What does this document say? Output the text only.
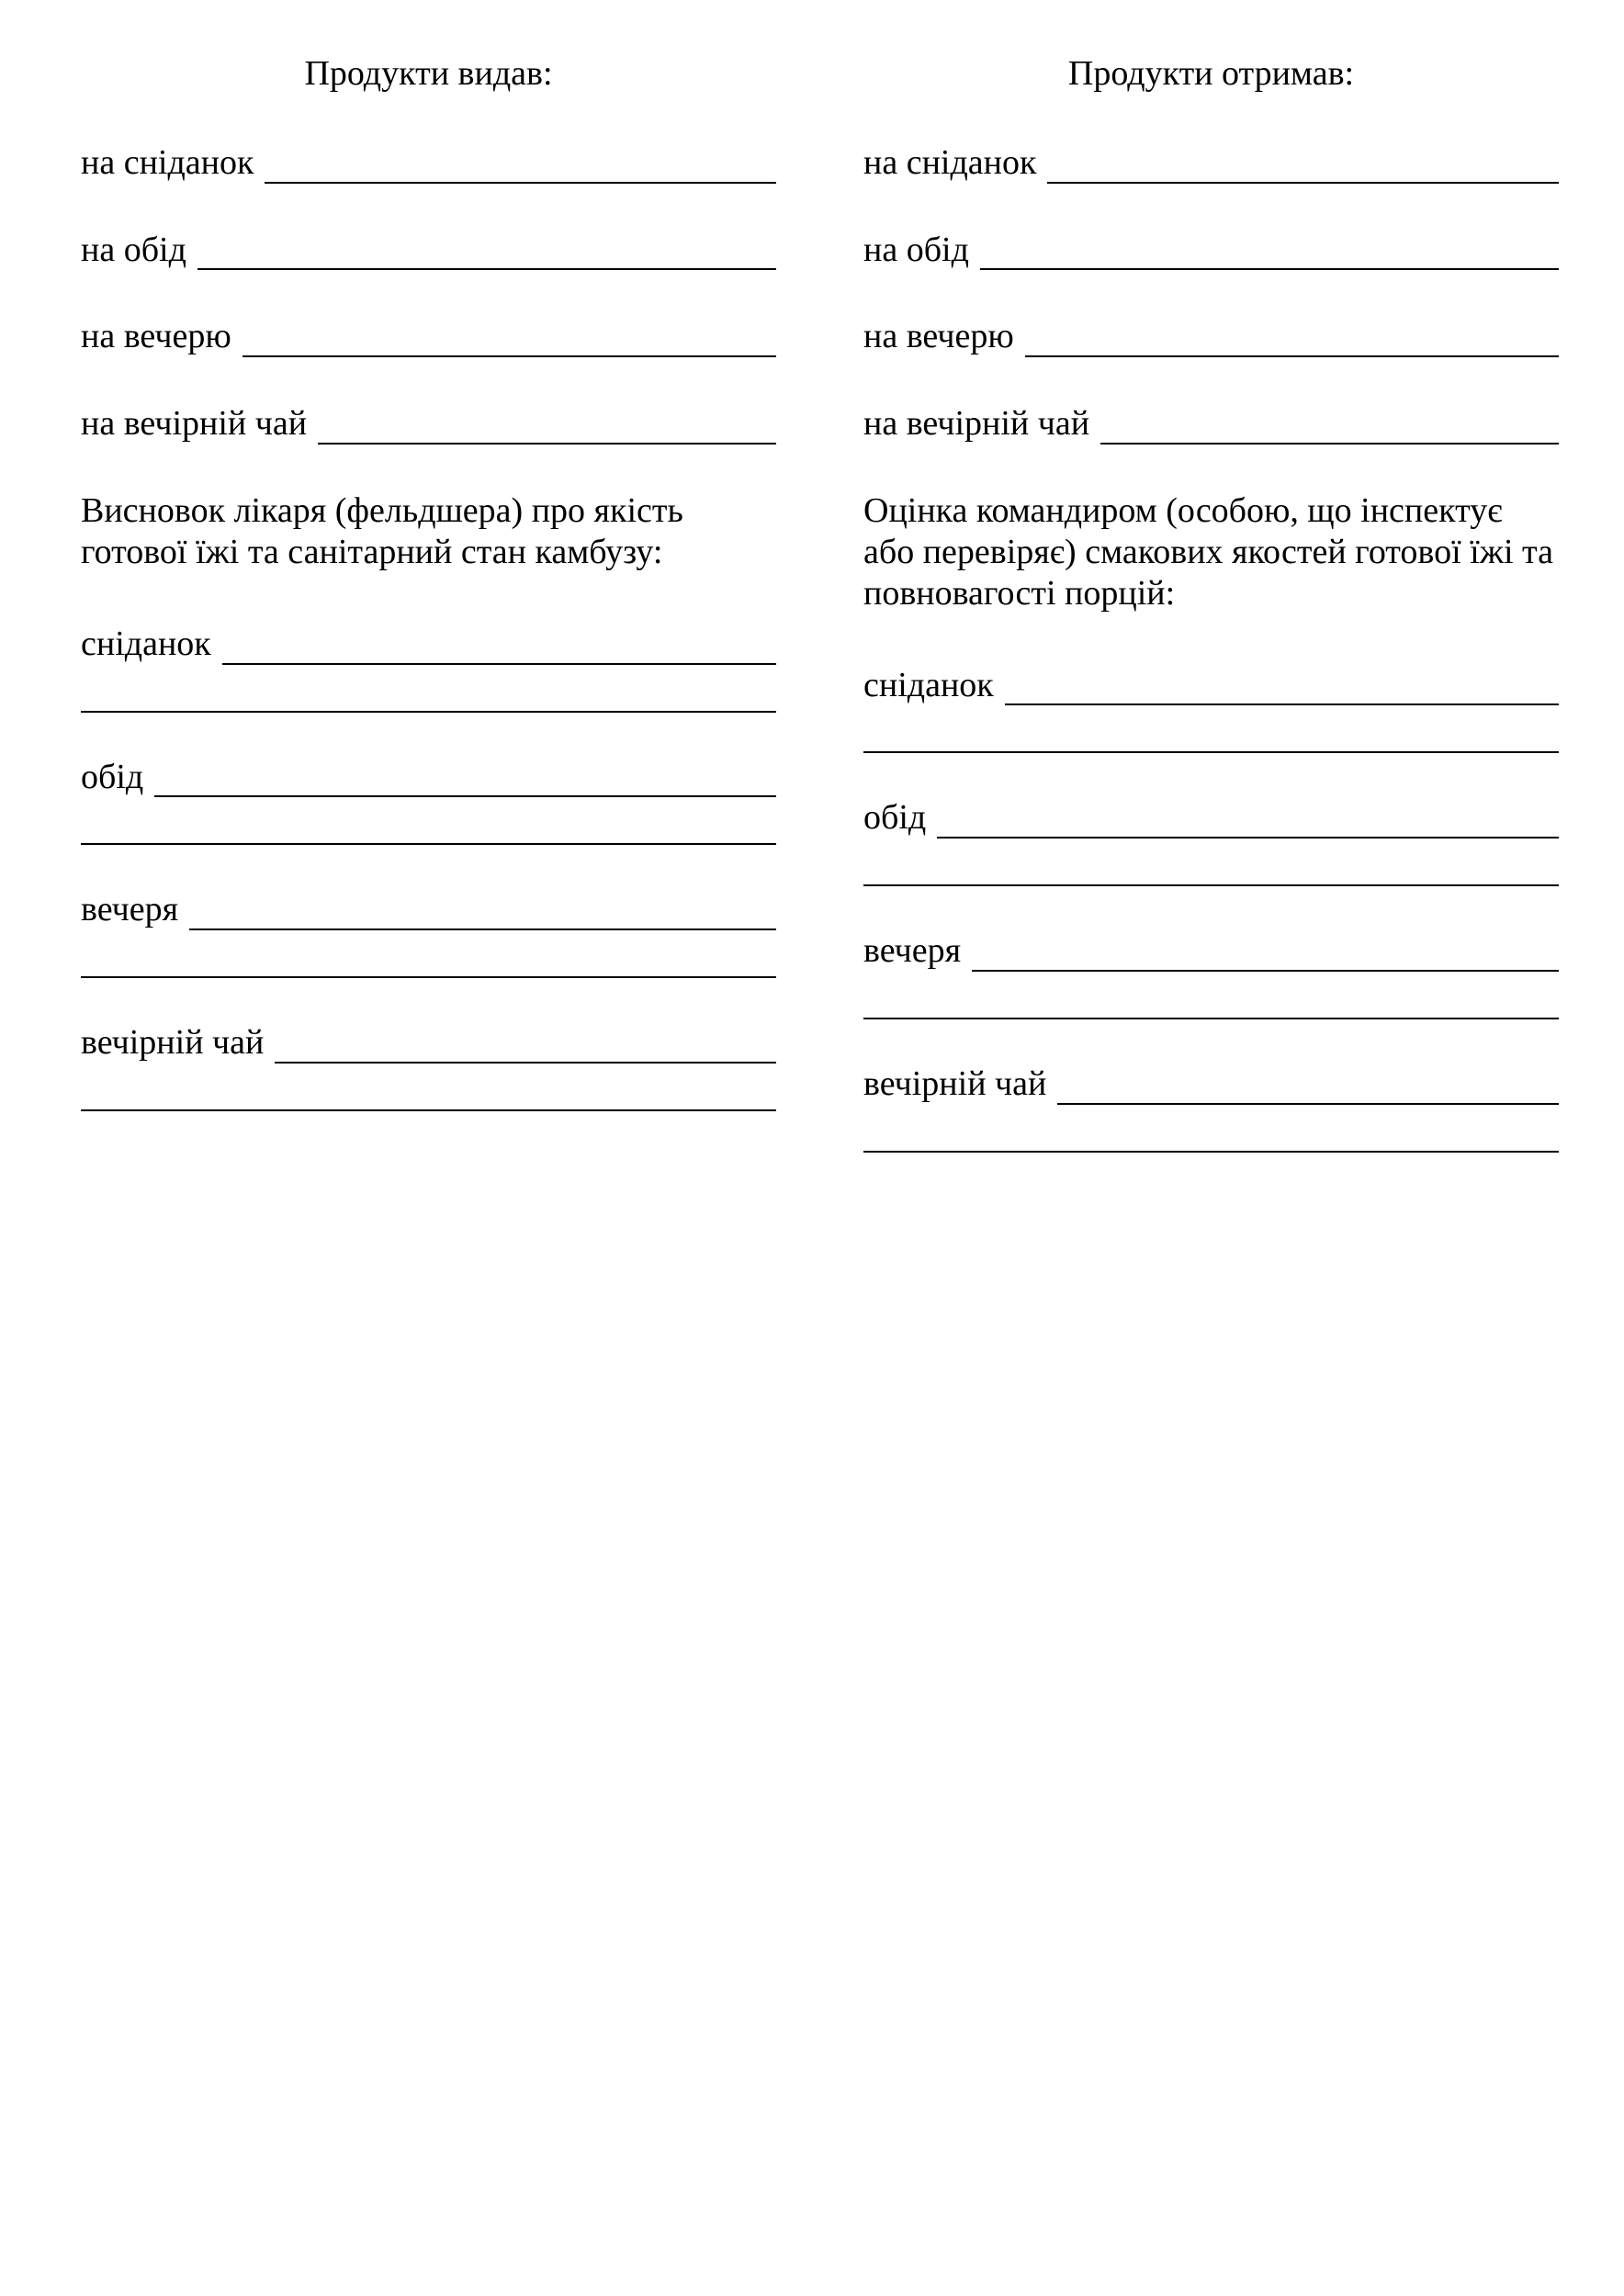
Продукти видав:

на сніданок
на обід
на вечерю
на вечірній чай

Висновок лікаря (фельдшера) про якість готової їжі та санітарний стан камбузу:

сніданок
обід
вечеря
вечірній чай

Продукти отримав:

на сніданок
на обід
на вечерю
на вечірній чай

Оцінка командиром (особою, що інспектує або перевіряє) смакових якостей готової їжі та повновагості порцій:

сніданок
обід
вечеря
вечірній чай
